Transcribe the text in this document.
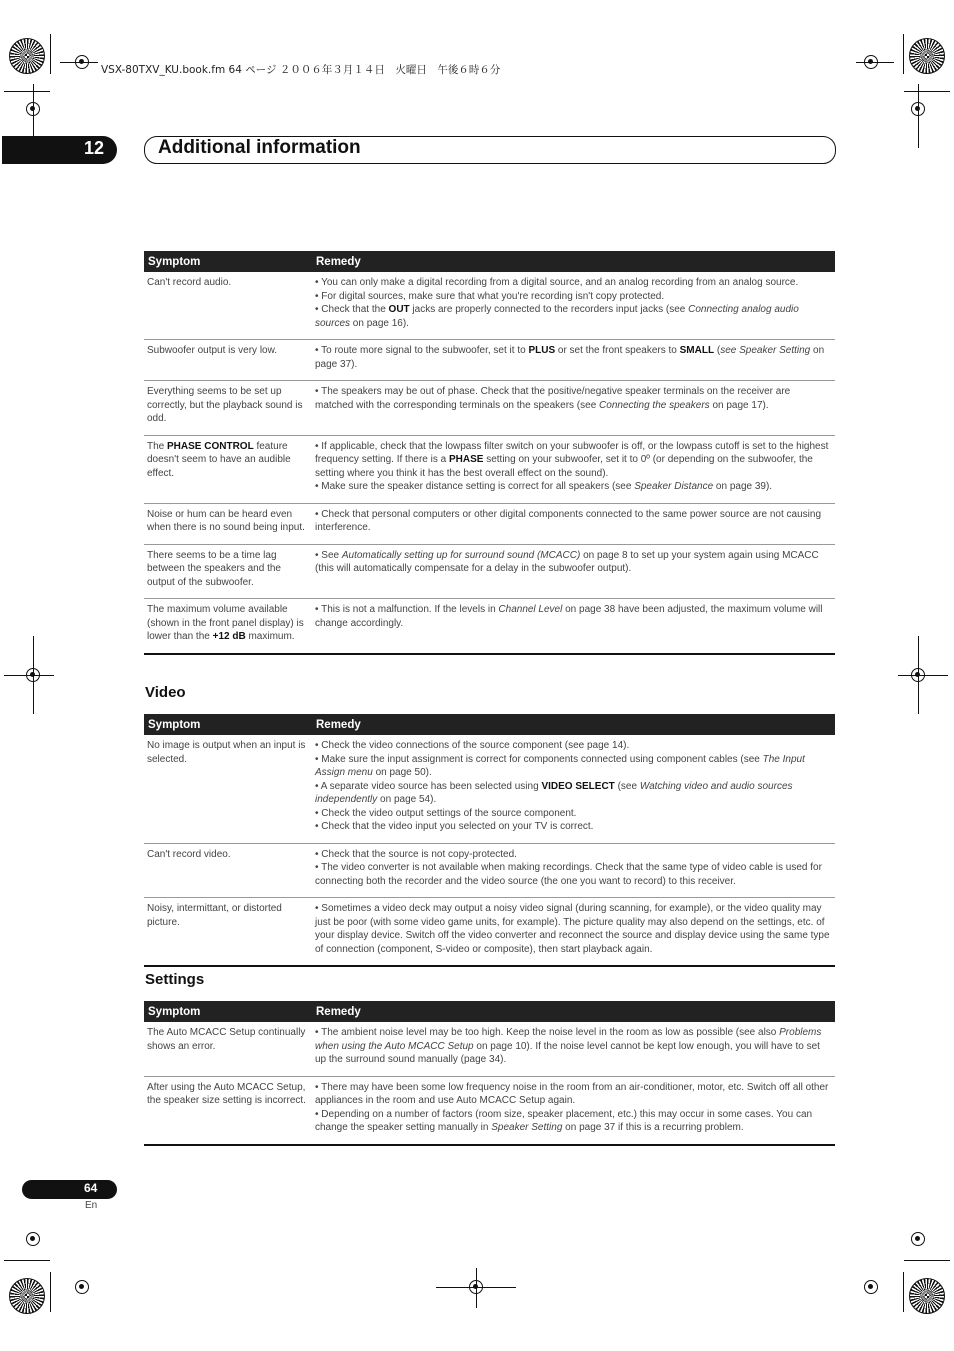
VSX-80TXV_KU.book.fm 64 ページ ２００６年３月１４日　火曜日　午後６時６分
12	Additional information
Symptom	Remedy
Can't record audio.	• You can only make a digital recording from a digital source, and an analog recording from an analog source.
• For digital sources, make sure that what you're recording isn't copy protected.
• Check that the OUT jacks are properly connected to the recorders input jacks (see Connecting analog audio sources on page 16).

Subwoofer output is very low.	• To route more signal to the subwoofer, set it to PLUS or set the front speakers to SMALL (see Speaker Setting on page 37).

Everything seems to be set up correctly, but the playback sound is odd.	• The speakers may be out of phase. Check that the positive/negative speaker terminals on the receiver are matched with the corresponding terminals on the speakers (see Connecting the speakers on page 17).

The PHASE CONTROL feature doesn't seem to have an audible effect.	• If applicable, check that the lowpass filter switch on your subwoofer is off, or the lowpass cutoff is set to the highest frequency setting. If there is a PHASE setting on your subwoofer, set it to 0º (or depending on the subwoofer, the setting where you think it has the best overall effect on the sound).
• Make sure the speaker distance setting is correct for all speakers (see Speaker Distance on page 39).

Noise or hum can be heard even when there is no sound being input.	• Check that personal computers or other digital components connected to the same power source are not causing interference.

There seems to be a time lag between the speakers and the output of the subwoofer.	• See Automatically setting up for surround sound (MCACC) on page 8 to set up your system again using MCACC (this will automatically compensate for a delay in the subwoofer output).

The maximum volume available (shown in the front panel display) is lower than the +12 dB maximum.	• This is not a malfunction. If the levels in Channel Level on page 38 have been adjusted, the maximum volume will change accordingly.
Video
Symptom	Remedy
No image is output when an input is selected.	• Check the video connections of the source component (see page 14).
• Make sure the input assignment is correct for components connected using component cables (see The Input Assign menu on page 50).
• A separate video source has been selected using VIDEO SELECT (see Watching video and audio sources independently on page 54).
• Check the video output settings of the source component.
• Check that the video input you selected on your TV is correct.

Can't record video.	• Check that the source is not copy-protected.
• The video converter is not available when making recordings. Check that the same type of video cable is used for connecting both the recorder and the video source (the one you want to record) to this receiver.

Noisy, intermittant, or distorted picture.	• Sometimes a video deck may output a noisy video signal (during scanning, for example), or the video quality may just be poor (with some video game units, for example). The picture quality may also depend on the settings, etc. of your display device. Switch off the video converter and reconnect the source and display device using the same type of connection (component, S-video or composite), then start playback again.
Settings
Symptom	Remedy
The Auto MCACC Setup continually shows an error.	• The ambient noise level may be too high. Keep the noise level in the room as low as possible (see also Problems when using the Auto MCACC Setup on page 10). If the noise level cannot be kept low enough, you will have to set up the surround sound manually (page 34).

After using the Auto MCACC Setup, the speaker size setting is incorrect.	• There may have been some low frequency noise in the room from an air-conditioner, motor, etc. Switch off all other appliances in the room and use Auto MCACC Setup again.
• Depending on a number of factors (room size, speaker placement, etc.) this may occur in some cases. You can change the speaker setting manually in Speaker Setting on page 37 if this is a recurring problem.
64
En
